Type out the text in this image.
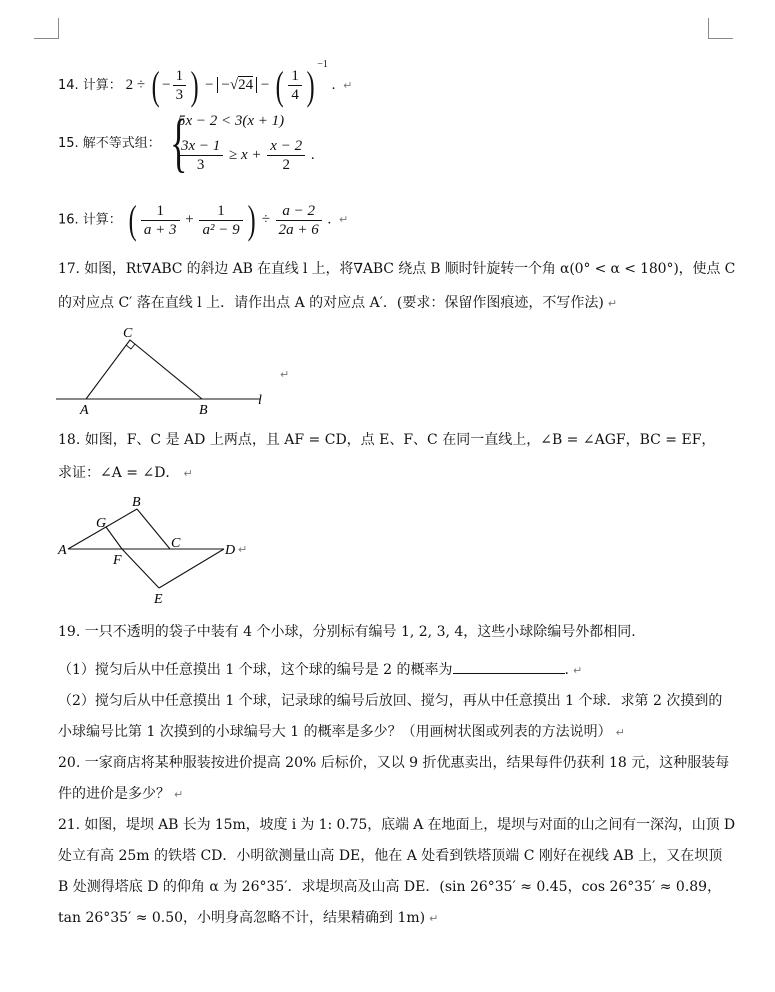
14. 计算： 2 ÷ ( − $\frac{1}{3}$ ) − −√24 − ( $\frac{1}{4}$ ) $^{-1}$ . ↵
15. 解不等式组： {
5x − 2 < 3(x + 1)
$\frac{3x - 1}{3} \ge x + \frac{x - 2}{2}$ .
16. 计算： ( $\frac{1}{a + 3} + \frac{1}{\text{a² − 9}}$ ) ÷ $\frac{a - 2}{2a + 6}$ . ↵
17. 如图，Rt∇ABC 的斜边 AB 在直线 l 上，将∇ABC 绕点 B 顺时针旋转一个角 α(0° < α < 180°)，使点 C
的对应点 C′ 落在直线 l 上．请作出点 A 的对应点 A′．(要求：保留作图痕迹，不写作法) ↵
C
A	B
l
↵
18. 如图，F、C 是 AD 上两点，且 AF = CD，点 E、F、C 在同一直线上，∠B = ∠AGF，BC = EF，
求证：∠A = ∠D． ↵
A
B
G
F
C	D
E
↵
19. 一只不透明的袋子中装有 4 个小球，分别标有编号 1, 2, 3, 4，这些小球除编号外都相同.
（1）搅匀后从中任意摸出 1 个球，这个球的编号是 2 的概率为	. ↵
（2）搅匀后从中任意摸出 1 个球，记录球的编号后放回、搅匀，再从中任意摸出 1 个球．求第 2 次摸到的
小球编号比第 1 次摸到的小球编号大 1 的概率是多少？（用画树状图或列表的方法说明） ↵
20. 一家商店将某种服装按进价提高 20% 后标价，又以 9 折优惠卖出，结果每件仍获利 18 元，这种服装每
件的进价是多少？ ↵
21. 如图，堤坝 AB 长为 15m，坡度 i 为 1: 0.75，底端 A 在地面上，堤坝与对面的山之间有一深沟，山顶 D
处立有高 25m 的铁塔 CD．小明欲测量山高 DE，他在 A 处看到铁塔顶端 C 刚好在视线 AB 上，又在坝顶
B 处测得塔底 D 的仰角 α 为 26°35′．求堤坝高及山高 DE．(sin 26°35′ ≈ 0.45，cos 26°35′ ≈ 0.89，
tan 26°35′ ≈ 0.50，小明身高忽略不计，结果精确到 1m) ↵
